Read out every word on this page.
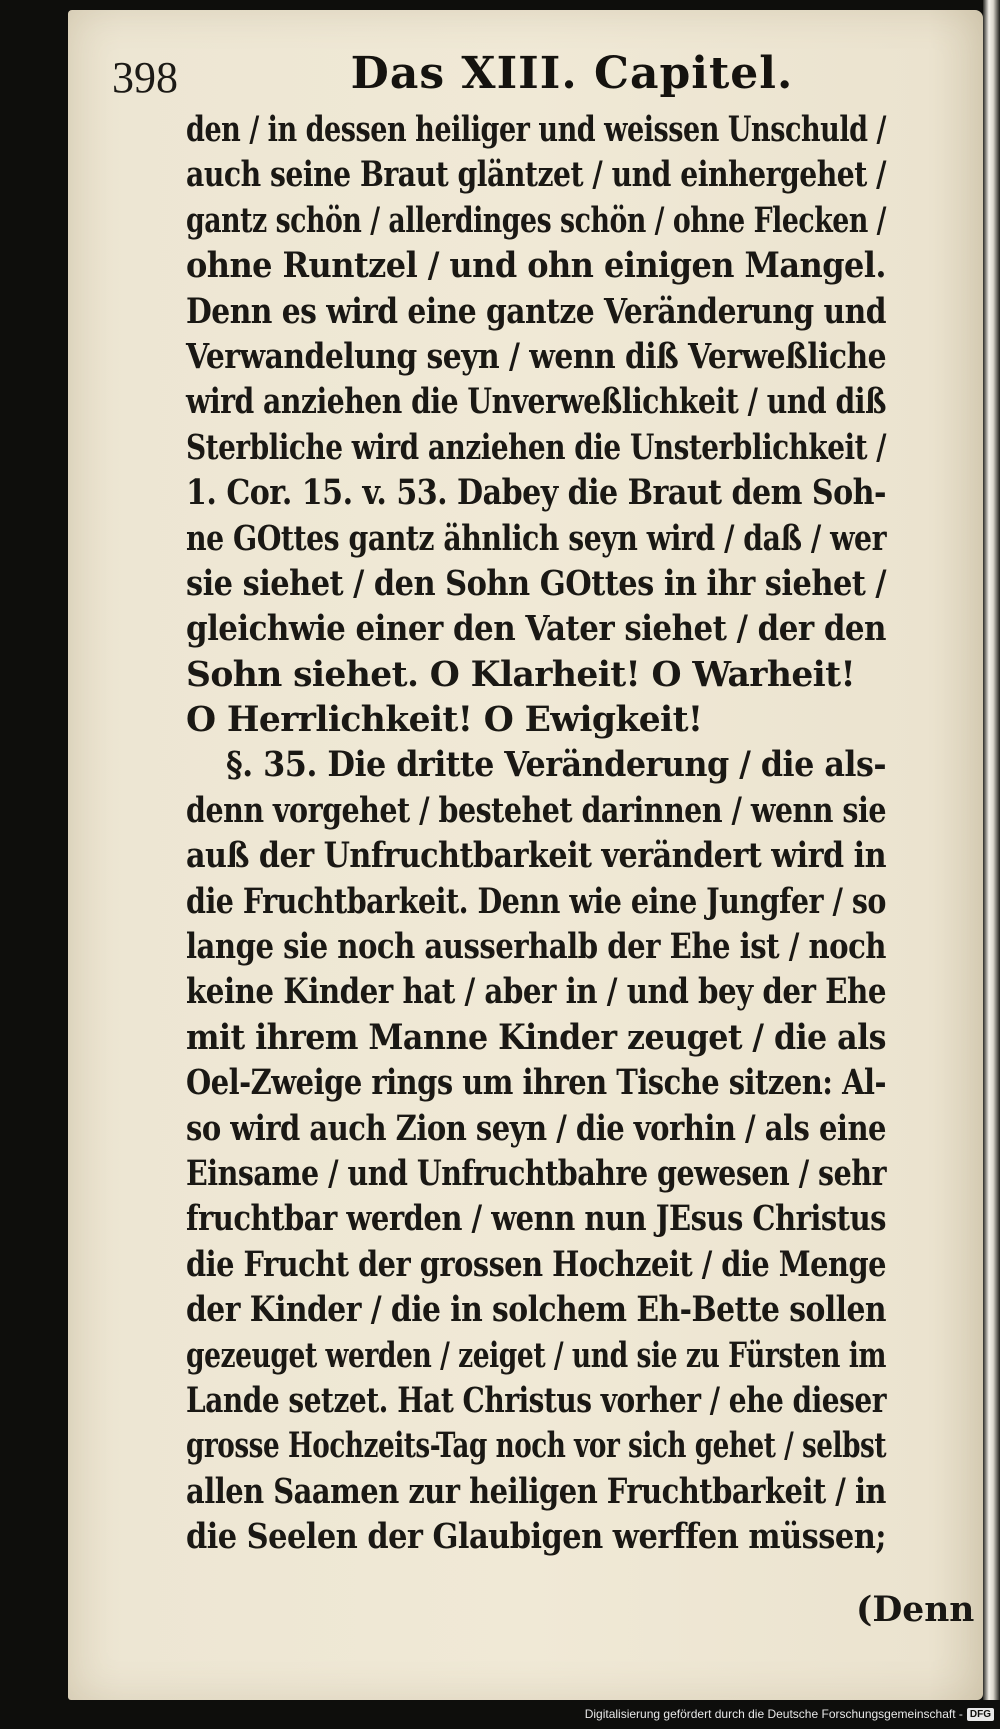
398	Das XIII. Capitel.
den / in dessen heiliger und weissen Unschuld /
auch seine Braut gläntzet / und einhergehet /
gantz schön / allerdinges schön / ohne Flecken /
ohne Runtzel / und ohn einigen Mangel.
Denn es wird eine gantze Veränderung und
Verwandelung seyn / wenn diß Verweßliche
wird anziehen die Unverweßlichkeit / und diß
Sterbliche wird anziehen die Unsterblichkeit /
1. Cor. 15. v. 53. Dabey die Braut dem Soh-
ne GOttes gantz ähnlich seyn wird / daß / wer
sie siehet / den Sohn GOttes in ihr siehet /
gleichwie einer den Vater siehet / der den
Sohn siehet. O Klarheit! O Warheit!
O Herrlichkeit! O Ewigkeit!
§. 35. Die dritte Veränderung / die als-
denn vorgehet / bestehet darinnen / wenn sie
auß der Unfruchtbarkeit verändert wird in
die Fruchtbarkeit. Denn wie eine Jungfer / so
lange sie noch ausserhalb der Ehe ist / noch
keine Kinder hat / aber in / und bey der Ehe
mit ihrem Manne Kinder zeuget / die als
Oel-Zweige rings um ihren Tische sitzen: Al-
so wird auch Zion seyn / die vorhin / als eine
Einsame / und Unfruchtbahre gewesen / sehr
fruchtbar werden / wenn nun JEsus Christus
die Frucht der grossen Hochzeit / die Menge
der Kinder / die in solchem Eh-Bette sollen
gezeuget werden / zeiget / und sie zu Fürsten im
Lande setzet. Hat Christus vorher / ehe dieser
grosse Hochzeits-Tag noch vor sich gehet / selbst
allen Saamen zur heiligen Fruchtbarkeit / in
die Seelen der Glaubigen werffen müssen;
(Denn
Digitalisierung gefördert durch die Deutsche Forschungsgemeinschaft - DFG
